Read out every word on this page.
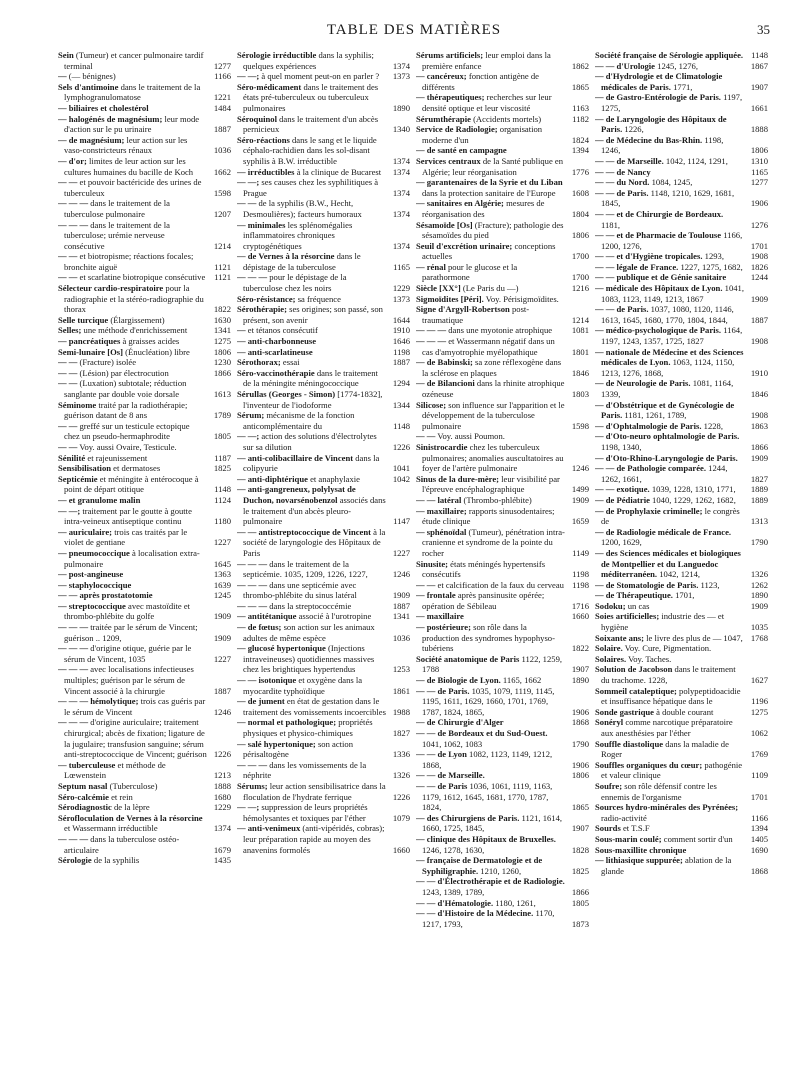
TABLE DES MATIÈRES	35
Sein (Tumeur) et cancer pulmonaire tardif terminal	1277
— (— bénignes)	1166
Sels d'antimoine dans le traitement de la lymphogranulomatose	1221
— biliaires et cholestérol	1484
— halogénés de magnésium; leur mode d'action sur le pu urinaire	1887
— de magnésium; leur action sur les vaso-constricteurs rénaux	1036
— d'or; limites de leur action sur les cultures humaines du bacille de Koch 1662
— — et pouvoir bactéricide des urines de tuberculeux	1598
— — — dans le traitement de la tuberculose pulmonaire	1207
— — — dans le traitement de la tuberculose; urémie nerveuse consécutive	1214
— — et biotropisme; réactions focales; bronchite aiguë	1121
— — et scarlatine biotropique consécutive 1121
Sélecteur cardio-respiratoire pour la radiographie et la stéréo-radiographie du thorax	1822
Selle turcique (Élargissement)	1630
Selles; une méthode d'enrichissement	1341
— pancréatiques à graisses acides	1275
Semi-lunaire [Os] (Énucléation) libre	1806
— — (Fracture) isolée	1230
— — (Lésion) par électrocution	1866
— — (Luxation) subtotale; réduction sanglante par double voie dorsale	1613
Séminome traité par la radiothérapie; guérison datant de 8 ans	1789
— — greffé sur un testicule ectopique chez un pseudo-hermaphrodite	1805
— — Voy. aussi Ovaire, Testicule.
Sénilité et rajeunissement	1187
Sensibilisation et dermatoses	1825
Septicémie et méningite à entérocoque à point de départ otitique	1148
— et granulome malin	1124
— —; traitement par le goutte à goutte intra-veineux antiseptique continu	1180
— auriculaire; trois cas traités par le violet de gentiane	1227
— pneumococcique à localisation extra-pulmonaire	1645
— post-angineuse	1363
— staphylococcique	1639
— — après prostatotomie	1245
— streptococcique avec mastoïdite et thrombo-phlébite du golfe	1909
— — — traitée par le sérum de Vincent; guérison .. 1209,	1909
— — — d'origine otique, guérie par le sérum de Vincent, 1035	1227
— — — avec localisations infectieuses multiples; guérison par le sérum de Vincent associé à la chirurgie	1887
— — — hémolytique; trois cas guéris par le sérum de Vincent	1246
— — — d'origine auriculaire; traitement chirurgical; abcès de fixation; ligature de la jugulaire; transfusion sanguine; sérum anti-streptococcique de Vincent; guérison 1226
— tuberculeuse et méthode de Lœwenstein	1213
Septum nasal (Tuberculose)	1888
Séro-calcémie et rein	1680
Sérodiagnostic de la lèpre	1229
Sérofloculation de Vernes à la résorcine et Wassermann irréductible	1374
— — — dans la tuberculose ostéo-articulaire	1679
Sérologie de la syphilis	1435
Sérologie irréductible dans la syphilis; quelques expériences	1374
— —; à quel moment peut-on en parler ? 1373
Séro-médicament dans le traitement des états pré-tuberculeux ou tuberculeux pulmonaires	1890
Séroquinol dans le traitement d'un abcès pernicieux	1340
Séro-réactions dans le sang et le liquide céphalo-rachidien dans les sol-disant syphilis à B.W. irréductible	1374
— irréductibles à la clinique de Bucarest 1374
— —; ses causes chez les syphilitiques à Prague	1374
— — de la syphilis (B.W., Hecht, Desmoulières); facteurs humoraux	1374
— minimales les splénomégalies inflammatoires chroniques cryptogénétiques	1374
— de Vernes à la résorcine dans le dépistage de la tuberculose	1165
— — — pour le dépistage de la tuberculose chez les noirs	1229
Séro-résistance; sa fréquence	1373
Sérothérapie; ses origines; son passé, son présent, son avenir	1644
— et tétanos consécutif	1910
— anti-charbonneuse	1646
— anti-scarlatineuse	1198
Sérothorax; essai	1887
Séro-vaccinothérapie dans le traitement de la méningite méningococcique	1294
Sérullas (Georges - Simon) [1774-1832], l'inventeur de l'iodoforme	1344
Sérum; mécanisme de la fonction anticomplémentaire du	1148
— —; action des solutions d'électrolytes sur sa dilution	1226
— anti-colibacillaire de Vincent dans la colipyurie	1041
— anti-diphtérique et anaphylaxie	1042
— anti-gangreneux, polylysat de Duchon, novarsénobenzol associés dans le traitement d'un abcès pleuro-pulmonaire	1147
— — antistreptococcique de Vincent à la société de laryngologie des Hôpitaux de Paris	1227
— — — dans le traitement de la septicémie. 1035, 1209, 1226, 1227,	1246
— — — dans une septicémie avec thrombo-phlébite du sinus latéral	1909
— — — dans la streptococcémie	1887
— antitétanique associé à l'urotropine	1341
— de fœtus; son action sur les animaux adultes de même espèce	1036
— glucosé hypertonique (Injections intraveineuses) quotidiennes massives chez les brightiques hypertendus	1253
— — isotonique et oxygène dans la myocardite typhoïdique	1861
— de jument en état de gestation dans le traitement des vomissements incoercibles 1988
— normal et pathologique; propriétés physiques et physico-chimiques	1827
— salé hypertonique; son action périsaltogène	1336
— — — dans les vomissements de la néphrite	1326
Sérums; leur action sensibilisatrice dans la floculation de l'hydrate ferrique	1226
— —; suppression de leurs propriétés hémolysantes et toxiques par l'éther	1079
— anti-venimeux (anti-vipéridés, cobras); leur préparation rapide au moyen des anavenins formolés	1660
Sérums artificiels; leur emploi dans la première enfance	1862
— cancéreux; fonction antigène de différents	1865
— thérapeutiques; recherches sur leur densité optique et leur viscosité	1163
Sérumthérapie (Accidents mortels)	1182
Service de Radiologie; organisation moderne d'un	1824
— de santé en campagne	1394
Services centraux de la Santé publique en Algérie; leur réorganisation	1776
— garantenaires de la Syrie et du Liban dans la protection sanitaire de l'Europe 1608
— sanitaires en Algérie; mesures de réorganisation des	1804
Sésamoïde [Os] (Fracture); pathologie des sésamoïdes du pied	1806
Seuil d'excrétion urinaire; conceptions actuelles	1700
— rénal pour le glucose et la parathormone	1700
Siècle [XX°] (Le Paris du —)	1216
Sigmoïdites [Péri]. Voy. Périsigmoïdites.
Signe d'Argyll-Robertson post-traumatique	1214
— — — dans une myotonie atrophique 1081
— — — et Wassermann négatif dans un cas d'amyotrophie myélopathique	1801
— de Babinski; sa zone réflexogène dans la sclérose en plaques	1846
— de Bilancioni dans la rhinite atrophique ozéneuse	1803
Silicose; son influence sur l'apparition et le développement de la tuberculose pulmonaire	1598
— — Voy. aussi Poumon.
Sinistrocardie chez les tuberculeux pulmonaires; anomalies auscultatoires au foyer de l'artère pulmonaire	1246
Sinus de la dure-mère; leur visibilité par l'épreuve encéphalographique	1499
— — latéral (Thrombo-phlébite)	1909
— maxillaire; rapports sinusodentaires; étude clinique	1659
— sphénoïdal (Tumeur), pénétration intra-cranienne et syndrome de la pointe du rocher	1149
Sinusite; états méningés hypertensifs consécutifs	1198
— — et calcification de la faux du cerveau 1198
— frontale après pansinusite opérée; opération de Sébileau	1716
— maxillaire	1660
— postérieure; son rôle dans la production des syndromes hypophyso-tubériens	1822
Société anatomique de Paris 1122, 1259, 1788	1907
— de Biologie de Lyon. 1165, 1662	1890
— — de Paris. 1035, 1079, 1119, 1145, 1195, 1611, 1629, 1660, 1701, 1769, 1787, 1824, 1865,	1906
— de Chirurgie d'Alger	1868
— — de Bordeaux et du Sud-Ouest. 1041, 1062, 1083	1790
— — de Lyon 1082, 1123, 1149, 1212, 1868,	1906
— — de Marseille.	1806
— — de Paris 1036, 1061, 1119, 1163, 1179, 1612, 1645, 1681, 1770, 1787, 1824,	1865
— des Chirurgiens de Paris. 1121, 1614, 1660, 1725, 1845,	1907
— clinique des Hôpitaux de Bruxelles. 1246, 1278, 1630,	1828
— française de Dermatologie et de Syphiligraphie. 1210, 1260,	1825
— — d'Électrothérapie et de Radiologie. 1243, 1389, 1789,	1866
— — d'Hématologie. 1180, 1261,	1805
— — d'Histoire de la Médecine. 1170, 1217, 1793,	1873
Société française de Sérologie appliquée. 1148
— — d'Urologie 1245, 1276,	1867
— d'Hydrologie et de Climatologie médicales de Paris. 1771,	1907
— de Gastro-Entérologie de Paris. 1197, 1275,	1661
— de Laryngologie des Hôpitaux de Paris. 1226,	1888
— de Médecine du Bas-Rhin. 1198, 1246,	1806
— — de Marseille. 1042, 1124, 1291,	1310
— — de Nancy	1165
— — du Nord. 1084, 1245,	1277
— — de Paris. 1148, 1210, 1629, 1681, 1845,	1906
— — et de Chirurgie de Bordeaux. 1181,	1276
— — et de Pharmacie de Toulouse 1166, 1200, 1276,	1701
— — et d'Hygiène tropicales. 1293,	1908
— — légale de France. 1227, 1275, 1682, 1826
— — publique et de Génie sanitaire	1244
— médicale des Hôpitaux de Lyon. 1041, 1083, 1123, 1149, 1213, 1867	1909
— — de Paris. 1037, 1080, 1120, 1146, 1613, 1645, 1680, 1770, 1804, 1844,	1887
— médico-psychologique de Paris. 1164, 1197, 1243, 1357, 1725, 1827	1908
— nationale de Médecine et des Sciences médicales de Lyon. 1063, 1124, 1150, 1213, 1276, 1868,	1910
— de Neurologie de Paris. 1081, 1164, 1339,	1846
— d'Obstétrique et de Gynécologie de Paris. 1181, 1261, 1789,	1908
— d'Ophtalmologie de Paris. 1228,	1863
— d'Oto-neuro ophtalmologie de Paris. 1198, 1340,	1866
— d'Oto-Rhino-Laryngologie de Paris. 1909
— — de Pathologie comparée. 1244, 1262, 1661,	1827
— — exotique. 1039, 1228, 1310, 1771, 1889
— de Pédiatrie 1040, 1229, 1262, 1682, 1889
— de Prophylaxie criminelle; le congrès de	1313
— de Radiologie médicale de France. 1200, 1629,	1790
— des Sciences médicales et biologiques de Montpellier et du Languedoc méditerranéen. 1042, 1214,	1326
— de Stomatologie de Paris. 1123,	1262
— de Thérapeutique. 1701,	1890
Sodoku; un cas	1909
Soies artificielles; industrie des — et hygiène	1035
Soixante ans; le livre des plus de — 1047, 1768
Solaire. Voy. Cure, Pigmentation.
Solaires. Voy. Taches.
Solution de Jacobson dans le traitement du trachome. 1228,	1627
Sommeil cataleptique; polypeptidoacidie et insuffisance hépatique dans le	1196
Sonde gastrique à double courant	1275
Sonéryl comme narcotique préparatoire aux anesthésies par l'éther	1062
Souffle diastolique dans la maladie de Roger	1769
Souffles organiques du cœur; pathogénie et valeur clinique	1109
Soufre; son rôle défensif contre les ennemis de l'organisme	1701
Sources hydro-minérales des Pyrénées; radio-activité	1166
Sourds et T.S.F	1394
Sous-marin coulé; comment sortir d'un 1405
Sous-maxillite chronique	1690
— lithiasique suppurée; ablation de la glande	1868
